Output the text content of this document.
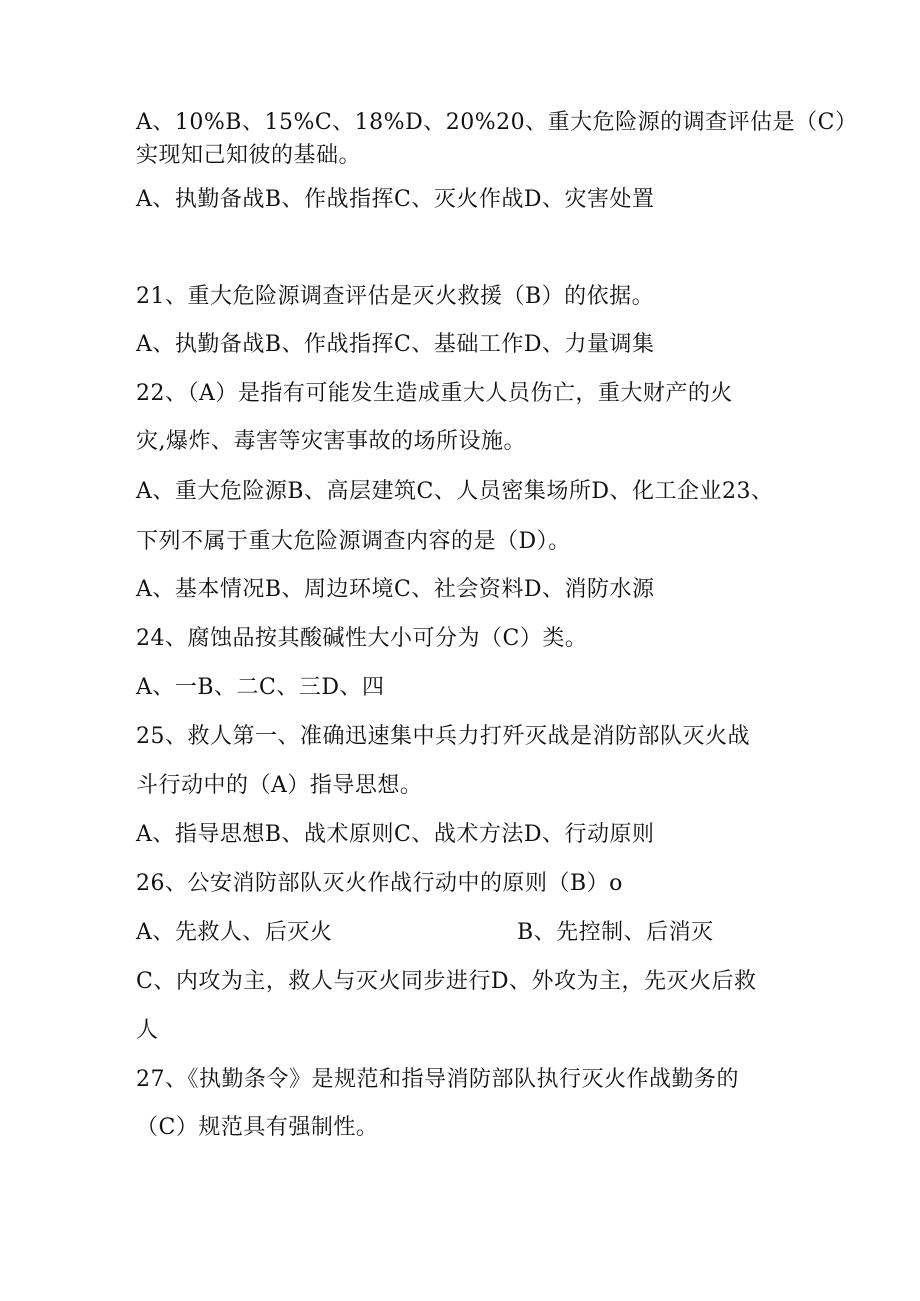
A、10%B、15%C、18%D、20%20、重大危险源的调查评估是（C）
实现知己知彼的基础。
A、执勤备战B、作战指挥C、灭火作战D、灾害处置
21、重大危险源调查评估是灭火救援（B）的依据。
A、执勤备战B、作战指挥C、基础工作D、力量调集
22、（A）是指有可能发生造成重大人员伤亡，重大财产的火
灾,爆炸、毒害等灾害事故的场所设施。
A、重大危险源B、高层建筑C、人员密集场所D、化工企业23、
下列不属于重大危险源调查内容的是（D）。
A、基本情况B、周边环境C、社会资料D、消防水源
24、腐蚀品按其酸碱性大小可分为（C）类。
A、一B、二C、三D、四
25、救人第一、准确迅速集中兵力打歼灭战是消防部队灭火战
斗行动中的（A）指导思想。
A、指导思想B、战术原则C、战术方法D、行动原则
26、公安消防部队灭火作战行动中的原则（B）o
A、先救人、后灭火	B、先控制、后消灭
C、内攻为主，救人与灭火同步进行D、外攻为主，先灭火后救
人
27、《执勤条令》是规范和指导消防部队执行灭火作战勤务的
（C）规范具有强制性。
